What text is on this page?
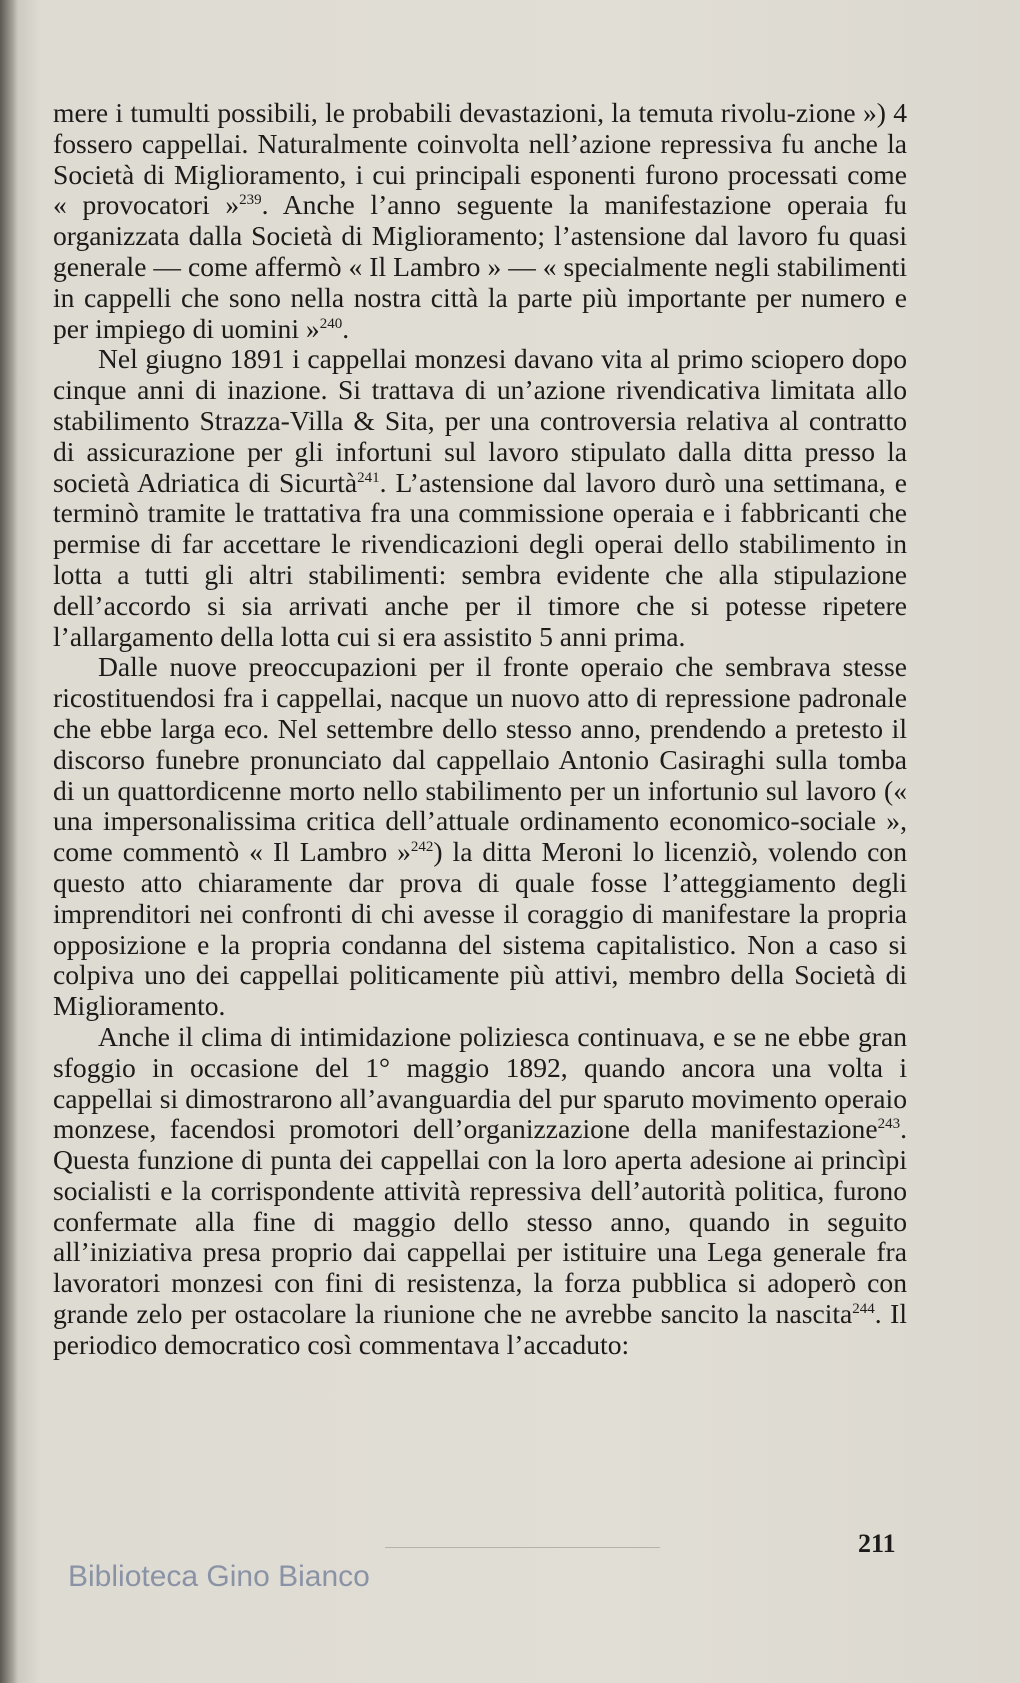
mere i tumulti possibili, le probabili devastazioni, la temuta rivolu-zione ») 4 fossero cappellai. Naturalmente coinvolta nell’azione repressiva fu anche la Società di Miglioramento, i cui principali esponenti furono processati come « provocatori »$^{239}$. Anche l’anno seguente la manifestazione operaia fu organizzata dalla Società di Miglioramento; l’astensione dal lavoro fu quasi generale — come affermò « Il Lambro » — « specialmente negli stabilimenti in cappelli che sono nella nostra città la parte più importante per numero e per impiego di uomini »$^{240}$.

Nel giugno 1891 i cappellai monzesi davano vita al primo sciopero dopo cinque anni di inazione. Si trattava di un’azione rivendicativa limitata allo stabilimento Strazza-Villa & Sita, per una controversia relativa al contratto di assicurazione per gli infortuni sul lavoro stipulato dalla ditta presso la società Adriatica di Sicurtà$^{241}$. L’astensione dal lavoro durò una settimana, e terminò tramite le trattativa fra una commissione operaia e i fabbricanti che permise di far accettare le rivendicazioni degli operai dello stabilimento in lotta a tutti gli altri stabilimenti: sembra evidente che alla stipulazione dell’accordo si sia arrivati anche per il timore che si potesse ripetere l’allargamento della lotta cui si era assistito 5 anni prima.

Dalle nuove preoccupazioni per il fronte operaio che sembrava stesse ricostituendosi fra i cappellai, nacque un nuovo atto di repressione padronale che ebbe larga eco. Nel settembre dello stesso anno, prendendo a pretesto il discorso funebre pronunciato dal cappellaio Antonio Casiraghi sulla tomba di un quattordicenne morto nello stabilimento per un infortunio sul lavoro (« una impersonalissima critica dell’attuale ordinamento economico-sociale », come commentò « Il Lambro »$^{242}$) la ditta Meroni lo licenziò, volendo con questo atto chiaramente dar prova di quale fosse l’atteggiamento degli imprenditori nei confronti di chi avesse il coraggio di manifestare la propria opposizione e la propria condanna del sistema capitalistico. Non a caso si colpiva uno dei cappellai politicamente più attivi, membro della Società di Miglioramento.

Anche il clima di intimidazione poliziesca continuava, e se ne ebbe gran sfoggio in occasione del 1° maggio 1892, quando ancora una volta i cappellai si dimostrarono all’avanguardia del pur sparuto movimento operaio monzese, facendosi promotori dell’organizzazione della manifestazione$^{243}$. Questa funzione di punta dei cappellai con la loro aperta adesione ai princìpi socialisti e la corrispondente attività repressiva dell’autorità politica, furono confermate alla fine di maggio dello stesso anno, quando in seguito all’iniziativa presa proprio dai cappellai per istituire una Lega generale fra lavoratori monzesi con fini di resistenza, la forza pubblica si adoperò con grande zelo per ostacolare la riunione che ne avrebbe sancito la nascita$^{244}$. Il periodico democratico così commentava l’accaduto:

211
Biblioteca Gino Bianco
